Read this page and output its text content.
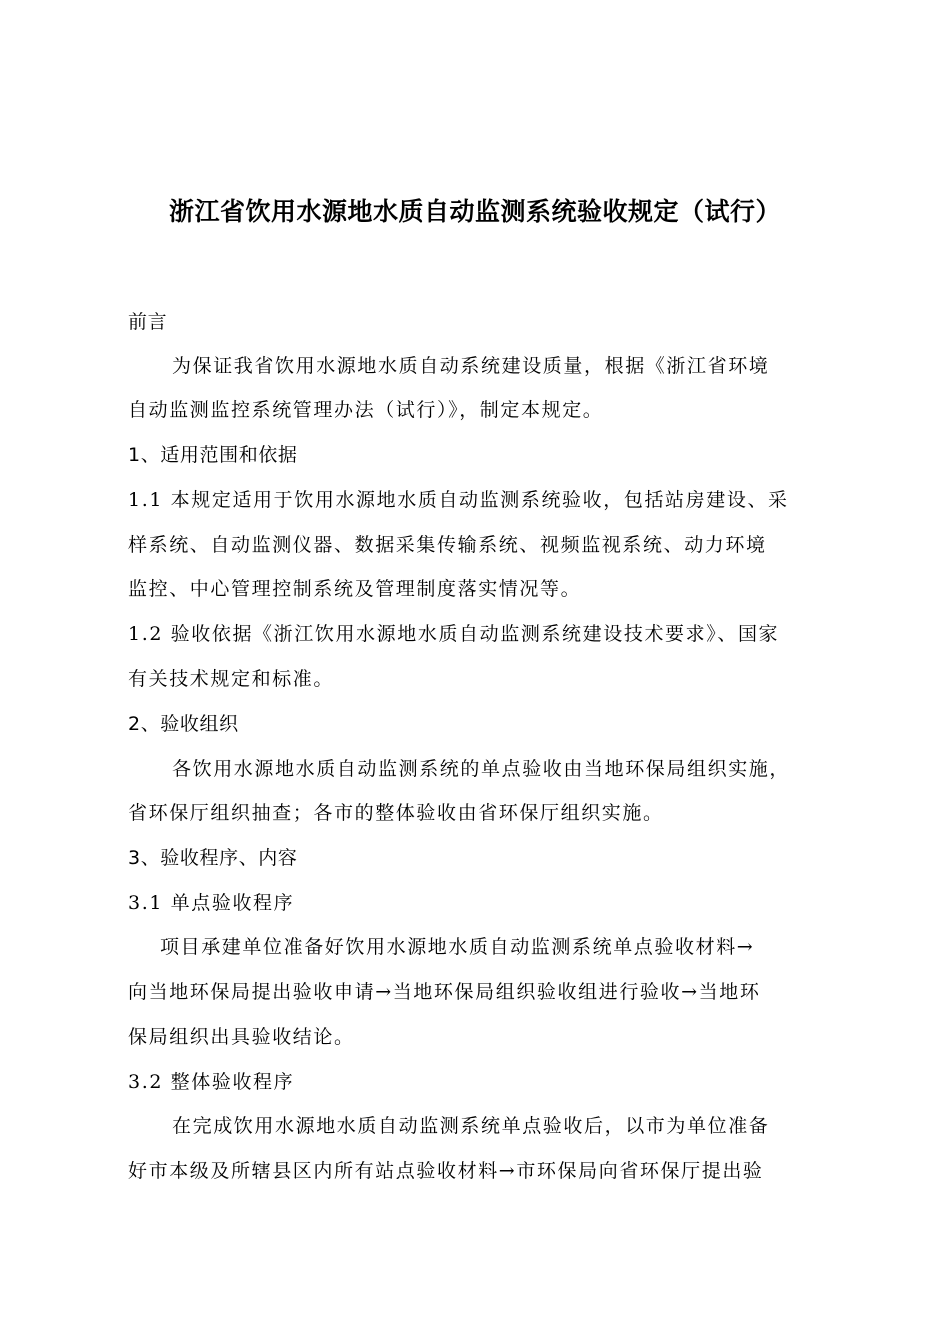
浙江省饮用水源地水质自动监测系统验收规定（试行）
前言
为保证我省饮用水源地水质自动系统建设质量，根据《浙江省环境
自动监测监控系统管理办法（试行）》，制定本规定。
1、适用范围和依据
1.1 本规定适用于饮用水源地水质自动监测系统验收，包括站房建设、采
样系统、自动监测仪器、数据采集传输系统、视频监视系统、动力环境
监控、中心管理控制系统及管理制度落实情况等。
1.2 验收依据《浙江饮用水源地水质自动监测系统建设技术要求》、国家
有关技术规定和标准。
2、验收组织
各饮用水源地水质自动监测系统的单点验收由当地环保局组织实施，
省环保厅组织抽查；各市的整体验收由省环保厅组织实施。
3、验收程序、内容
3.1 单点验收程序
项目承建单位准备好饮用水源地水质自动监测系统单点验收材料→
向当地环保局提出验收申请→当地环保局组织验收组进行验收→当地环
保局组织出具验收结论。
3.2 整体验收程序
在完成饮用水源地水质自动监测系统单点验收后，以市为单位准备
好市本级及所辖县区内所有站点验收材料→市环保局向省环保厅提出验
